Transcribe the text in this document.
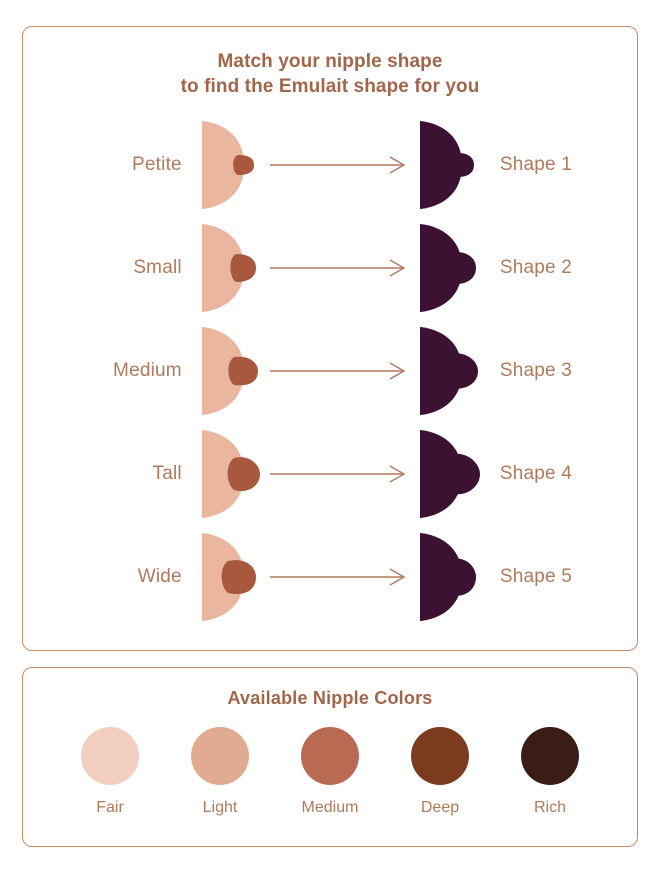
Match your nipple shape
to find the Emulait shape for you
Petite	Shape 1
Small	Shape 2
Medium	Shape 3
Tall	Shape 4
Wide	Shape 5
Available Nipple Colors
Fair	Light	Medium	Deep	Rich
